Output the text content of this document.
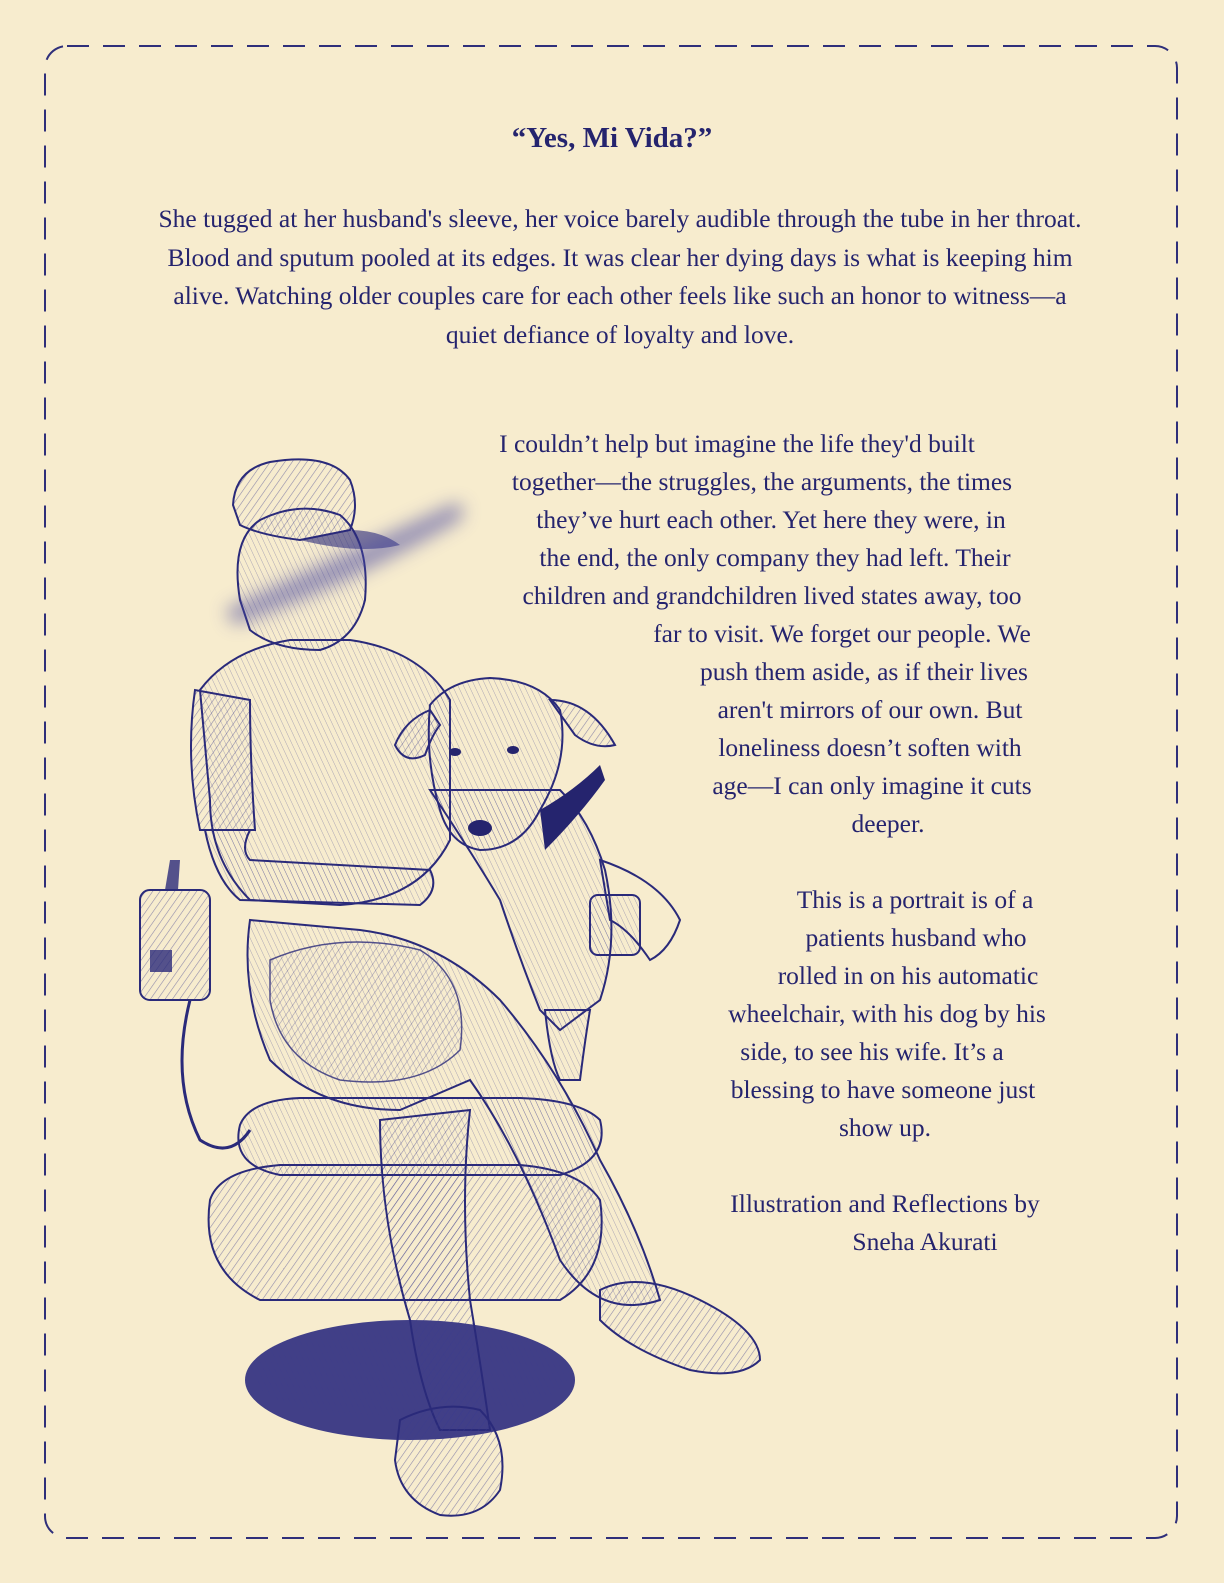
“Yes, Mi Vida?”

She tugged at her husband's sleeve, her voice barely audible through the tube in her throat. Blood and sputum pooled at its edges. It was clear her dying days is what is keeping him alive. Watching older couples care for each other feels like such an honor to witness—a quiet defiance of loyalty and love.

I couldn’t help but imagine the life they'd built
together—the struggles, the arguments, the times
they’ve hurt each other. Yet here they were, in
the end, the only company they had left. Their
children and grandchildren lived states away, too
far to visit. We forget our people. We
push them aside, as if their lives
aren't mirrors of our own. But
loneliness doesn’t soften with
age—I can only imagine it cuts
deeper.
This is a portrait is of a
patients husband who
rolled in on his automatic
wheelchair, with his dog by his
side, to see his wife. It’s a
blessing to have someone just
show up.
Illustration and Reflections by
Sneha Akurati
